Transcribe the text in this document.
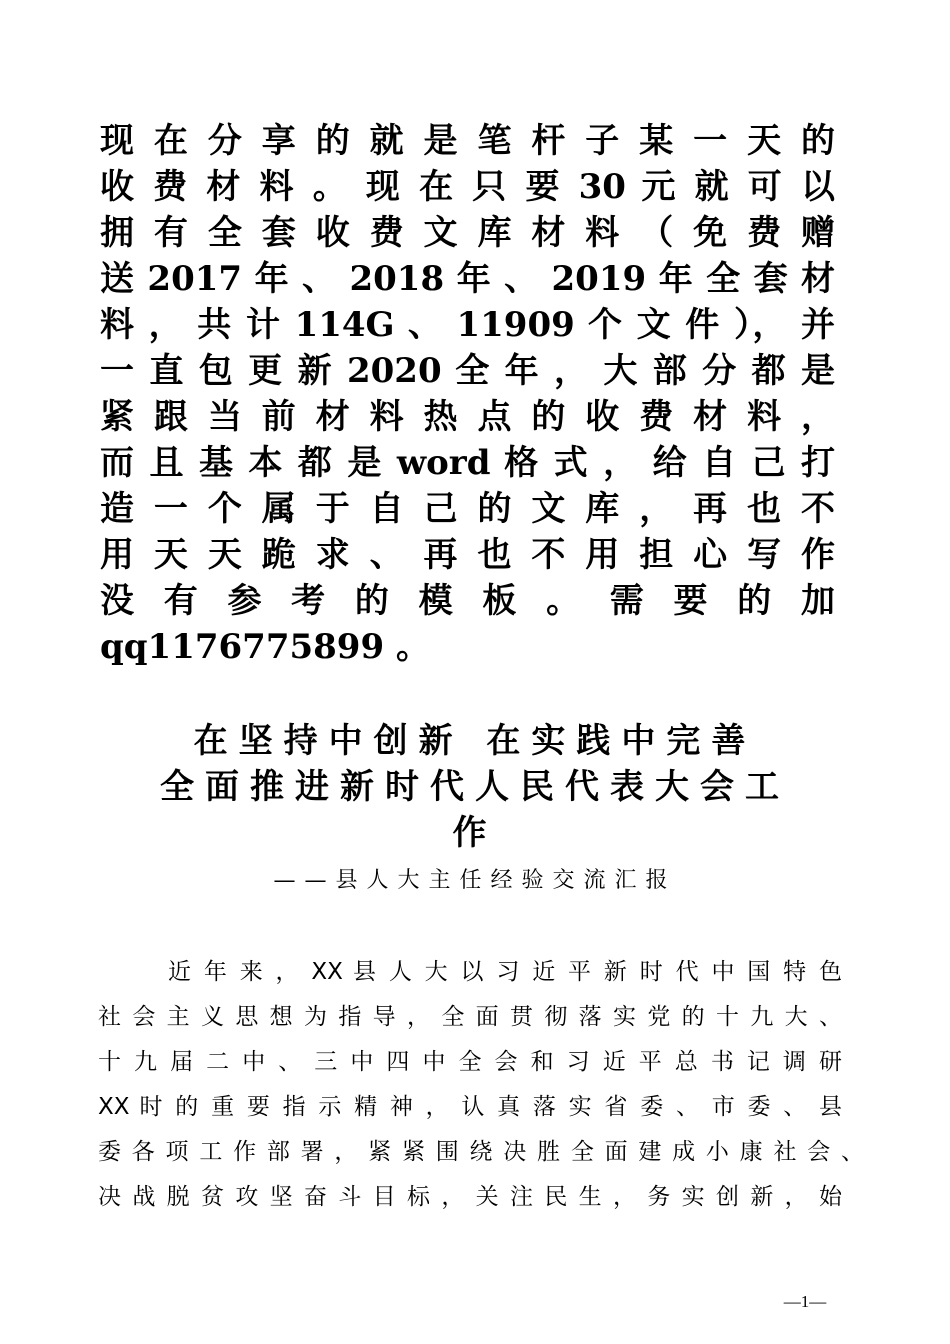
现 在 分 享 的 就 是 笔 杆 子 某 一 天 的
收 费 材 料 。 现 在 只 要 30 元 就 可 以
拥 有 全 套 收 费 文 库 材 料 （ 免 费 赠
送 2017 年 、 2018 年 、 2019 年 全 套 材
料 ， 共 计 114G 、 11909 个 文 件 ）， 并
一 直 包 更 新 2020 全 年 ， 大 部 分 都 是
紧 跟 当 前 材 料 热 点 的 收 费 材 料 ，
而 且 基 本 都 是 word 格 式 ， 给 自 己 打
造 一 个 属 于 自 己 的 文 库 ， 再 也 不
用 天 天 跪 求 、 再 也 不 用 担 心 写 作
没 有 参 考 的 模 板 。 需 要 的 加
qq1176775899 。
在坚持中创新 在实践中完善
全面推进新时代人民代表大会工
作
——县人大主任经验交流汇报
近 年 来 ， XX 县 人 大 以 习 近 平 新 时 代 中 国 特 色
社 会 主 义 思 想 为 指 导 ， 全 面 贯 彻 落 实 党 的 十 九 大 、
十 九 届 二 中 、 三 中 四 中 全 会 和 习 近 平 总 书 记 调 研
XX 时 的 重 要 指 示 精 神 ， 认 真 落 实 省 委 、 市 委 、 县
委 各 项 工 作 部 署 ， 紧 紧 围 绕 决 胜 全 面 建 成 小 康 社 会 、
决 战 脱 贫 攻 坚 奋 斗 目 标 ， 关 注 民 生 ， 务 实 创 新 ， 始
—1—
